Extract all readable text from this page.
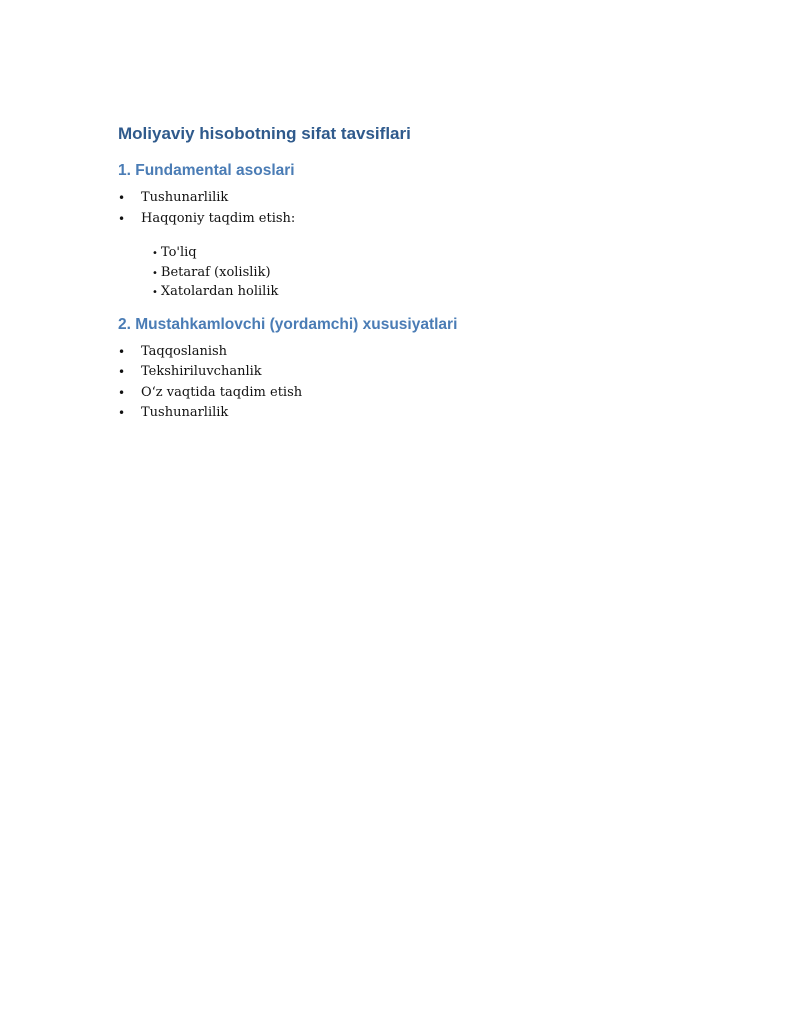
Moliyaviy hisobotning sifat tavsiflari
1. Fundamental asoslari
• Tushunarlilik
• Haqqoniy taqdim etish:
• To'liq
• Betaraf (xolislik)
• Xatolardan holilik
2. Mustahkamlovchi (yordamchi) xususiyatlari
• Taqqoslanish
• Tekshiriluvchanlik
• O‘z vaqtida taqdim etish
• Tushunarlilik
